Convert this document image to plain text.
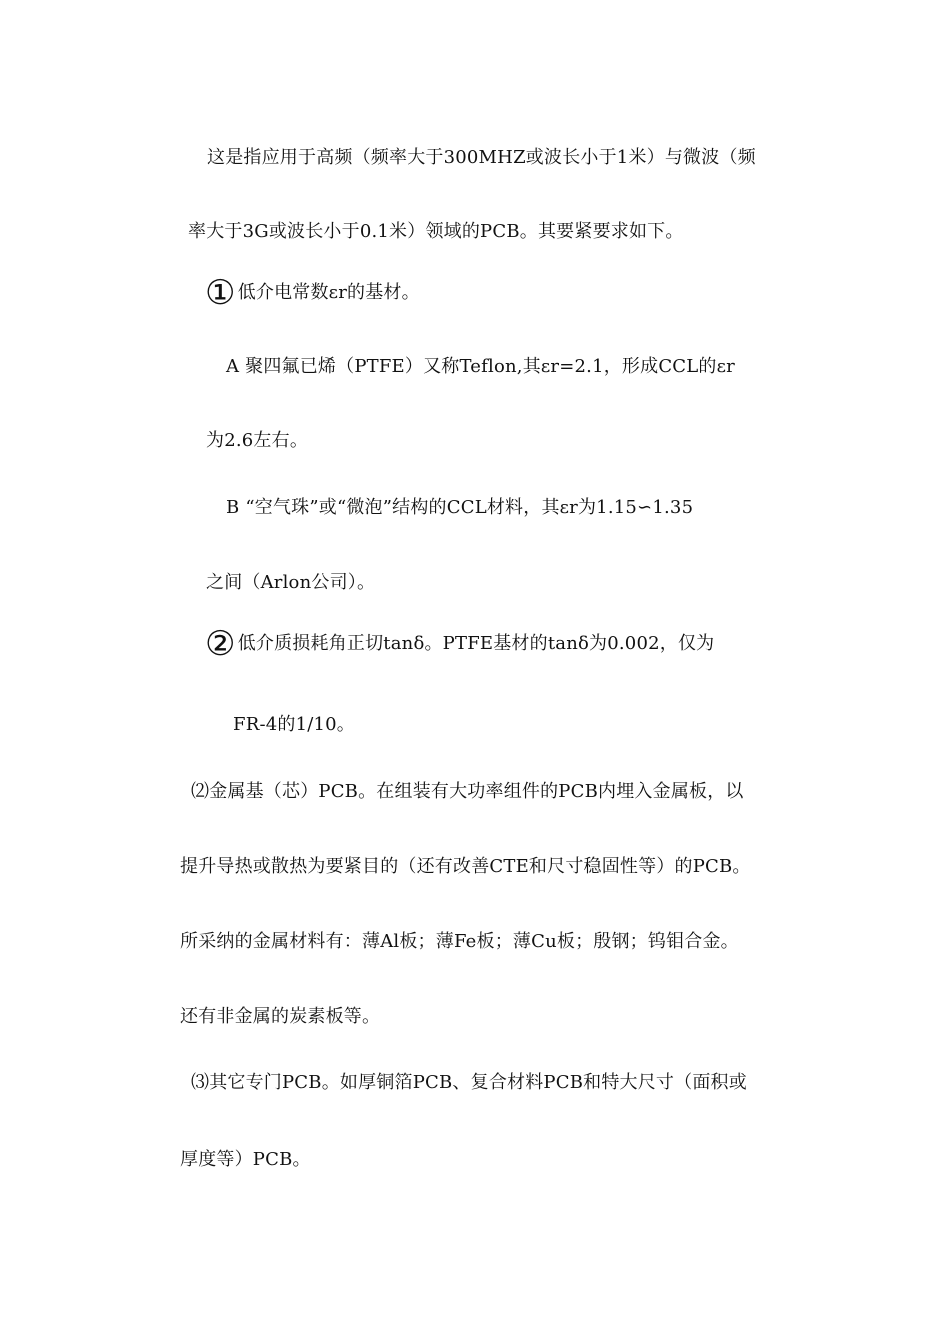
这是指应用于高频（频率大于300MHZ或波长小于1米）与微波（频
率大于3G或波长小于0.1米）领域的PCB。其要紧要求如下。
① 低介电常数εr的基材。
A 聚四氟已烯（PTFE）又称Teflon,其εr=2.1，形成CCL的εr
为2.6左右。
B “空气珠”或“微泡”结构的CCL材料，其εr为1.15∽1.35
之间（Arlon公司）。
② 低介质损耗角正切tanδ。PTFE基材的tanδ为0.002，仅为
FR-4的1/10。
⑵金属基（芯）PCB。在组装有大功率组件的PCB内埋入金属板，以
提升导热或散热为要紧目的（还有改善CTE和尺寸稳固性等）的PCB。
所采纳的金属材料有：薄Al板；薄Fe板；薄Cu板；殷钢；钨钼合金。
还有非金属的炭素板等。
⑶其它专门PCB。如厚铜箔PCB、复合材料PCB和特大尺寸（面积或
厚度等）PCB。
